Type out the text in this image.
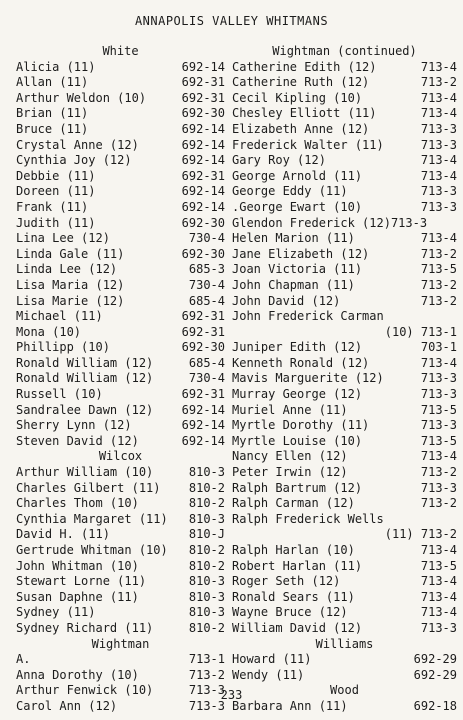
ANNAPOLIS VALLEY WHITMANS
White
Alicia (11)	692-14
Allan (11)	692-31
Arthur Weldon (10)	692-31
Brian (11)	692-30
Bruce (11)	692-14
Crystal Anne (12)	692-14
Cynthia Joy (12)	692-14
Debbie (11)	692-31
Doreen (11)	692-14
Frank (11)	692-14
Judith (11)	692-30
Lina Lee (12)	730-4
Linda Gale (11)	692-30
Linda Lee (12)	685-3
Lisa Maria (12)	730-4
Lisa Marie (12)	685-4
Michael (11)	692-31
Mona (10)	692-31
Phillipp (10)	692-30
Ronald William (12)	685-4
Ronald William (12)	730-4
Russell (10)	692-31
Sandralee Dawn (12) 692-14
Sherry Lynn (12)	692-14
Steven David (12)	692-14
Wilcox
Arthur William (10)	810-3
Charles Gilbert (11) 810-2
Charles Thom (10)	810-2
Cynthia Margaret (11) 810-3
David H. (11)	810-J
Gertrude Whitman (10) 810-2
John Whitman (10)	810-2
Stewart Lorne (11)	810-3
Susan Daphne (11)	810-3
Sydney (11)	810-3
Sydney Richard (11)	810-2
Wightman
A.	713-1
Anna Dorothy (10)	713-2
Arthur Fenwick (10)	713-3
Carol Ann (12)	713-3
Wightman (continued)
Catherine Edith (12)	713-4
Catherine Ruth (12)	713-2
Cecil Kipling (10)	713-4
Chesley Elliott (11)	713-4
Elizabeth Anne (12)	713-3
Frederick Walter (11)	713-3
Gary Roy (12)	713-4
George Arnold (11)	713-4
George Eddy (11)	713-3
.George Ewart (10)	713-3
Glendon Frederick (12)713-3
Helen Marion (11)	713-4
Jane Elizabeth (12)	713-2
Joan Victoria (11)	713-5
John Chapman (11)	713-2
John David (12)	713-2
John Frederick Carman
(10) 713-1
Juniper Edith (12)	703-1
Kenneth Ronald (12)	713-4
Mavis Marguerite (12)	713-3
Murray George (12)	713-3
Muriel Anne (11)	713-5
Myrtle Dorothy (11)	713-3
Myrtle Louise (10)	713-5
Nancy Ellen (12)	713-4
Peter Irwin (12)	713-2
Ralph Bartrum (12)	713-3
Ralph Carman (12)	713-2
Ralph Frederick Wells
(11) 713-2
Ralph Harlan (10)	713-4
Robert Harlan (11)	713-5
Roger Seth (12)	713-4
Ronald Sears (11)	713-4
Wayne Bruce (12)	713-4
William David (12)	713-3
Williams
Howard (11)	692-29
Wendy (11)	692-29
Wood
Barbara Ann (11)	692-18
233
